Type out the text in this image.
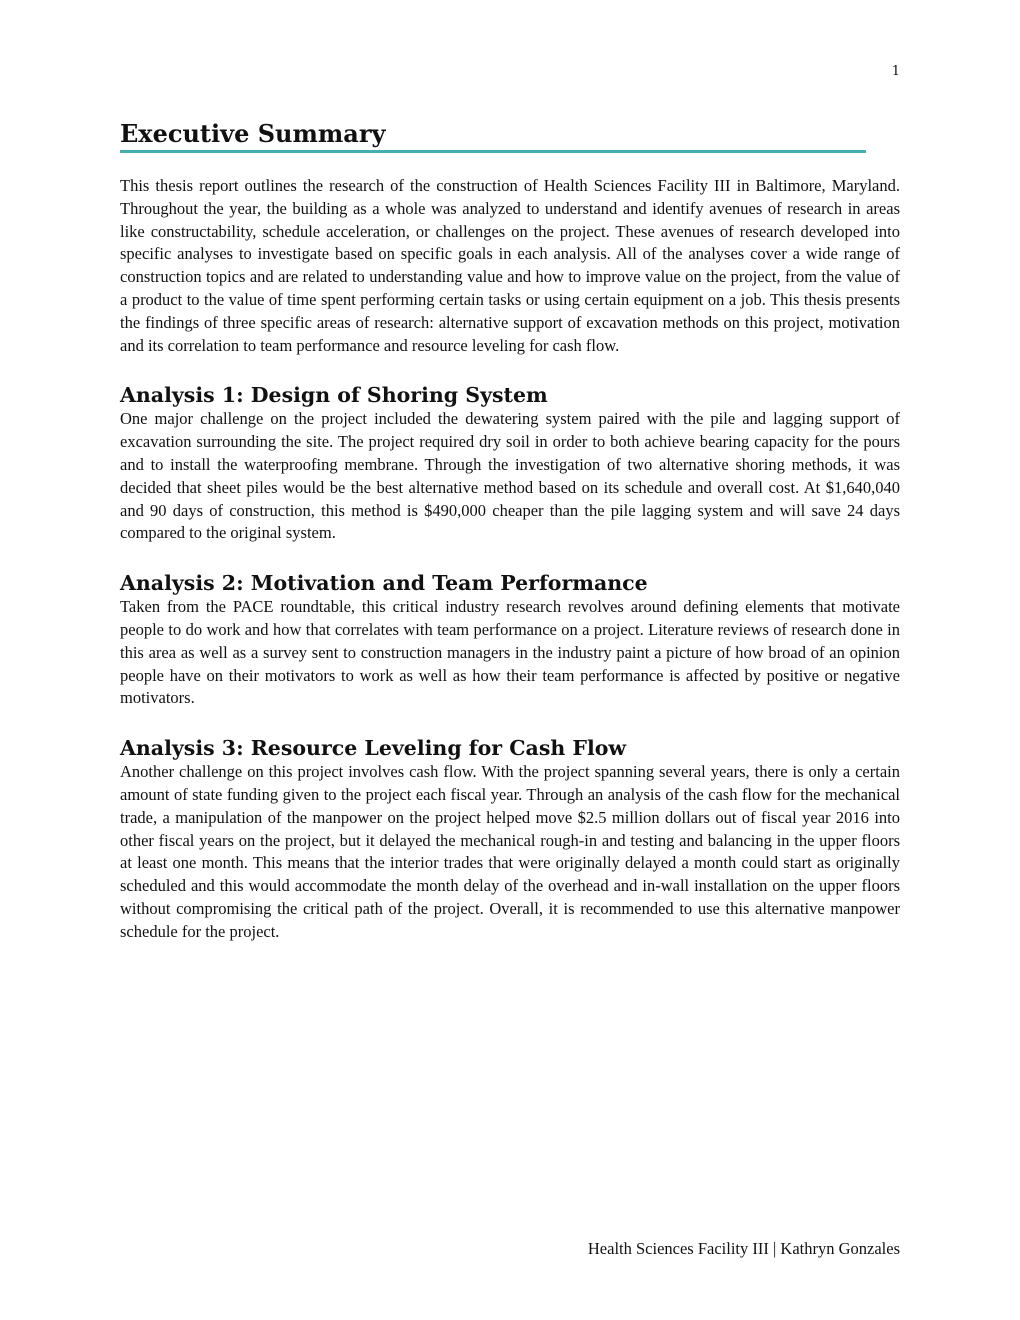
1
Executive Summary

This thesis report outlines the research of the construction of Health Sciences Facility III in Baltimore, Maryland. Throughout the year, the building as a whole was analyzed to understand and identify avenues of research in areas like constructability, schedule acceleration, or challenges on the project. These avenues of research developed into specific analyses to investigate based on specific goals in each analysis. All of the analyses cover a wide range of construction topics and are related to understanding value and how to improve value on the project, from the value of a product to the value of time spent performing certain tasks or using certain equipment on a job. This thesis presents the findings of three specific areas of research: alternative support of excavation methods on this project, motivation and its correlation to team performance and resource leveling for cash flow.

Analysis 1: Design of Shoring System

One major challenge on the project included the dewatering system paired with the pile and lagging support of excavation surrounding the site. The project required dry soil in order to both achieve bearing capacity for the pours and to install the waterproofing membrane. Through the investigation of two alternative shoring methods, it was decided that sheet piles would be the best alternative method based on its schedule and overall cost. At $1,640,040 and 90 days of construction, this method is $490,000 cheaper than the pile lagging system and will save 24 days compared to the original system.

Analysis 2: Motivation and Team Performance

Taken from the PACE roundtable, this critical industry research revolves around defining elements that motivate people to do work and how that correlates with team performance on a project. Literature reviews of research done in this area as well as a survey sent to construction managers in the industry paint a picture of how broad of an opinion people have on their motivators to work as well as how their team performance is affected by positive or negative motivators.

Analysis 3: Resource Leveling for Cash Flow

Another challenge on this project involves cash flow. With the project spanning several years, there is only a certain amount of state funding given to the project each fiscal year. Through an analysis of the cash flow for the mechanical trade, a manipulation of the manpower on the project helped move $2.5 million dollars out of fiscal year 2016 into other fiscal years on the project, but it delayed the mechanical rough-in and testing and balancing in the upper floors at least one month. This means that the interior trades that were originally delayed a month could start as originally scheduled and this would accommodate the month delay of the overhead and in-wall installation on the upper floors without compromising the critical path of the project. Overall, it is recommended to use this alternative manpower schedule for the project.

Health Sciences Facility III | Kathryn Gonzales
